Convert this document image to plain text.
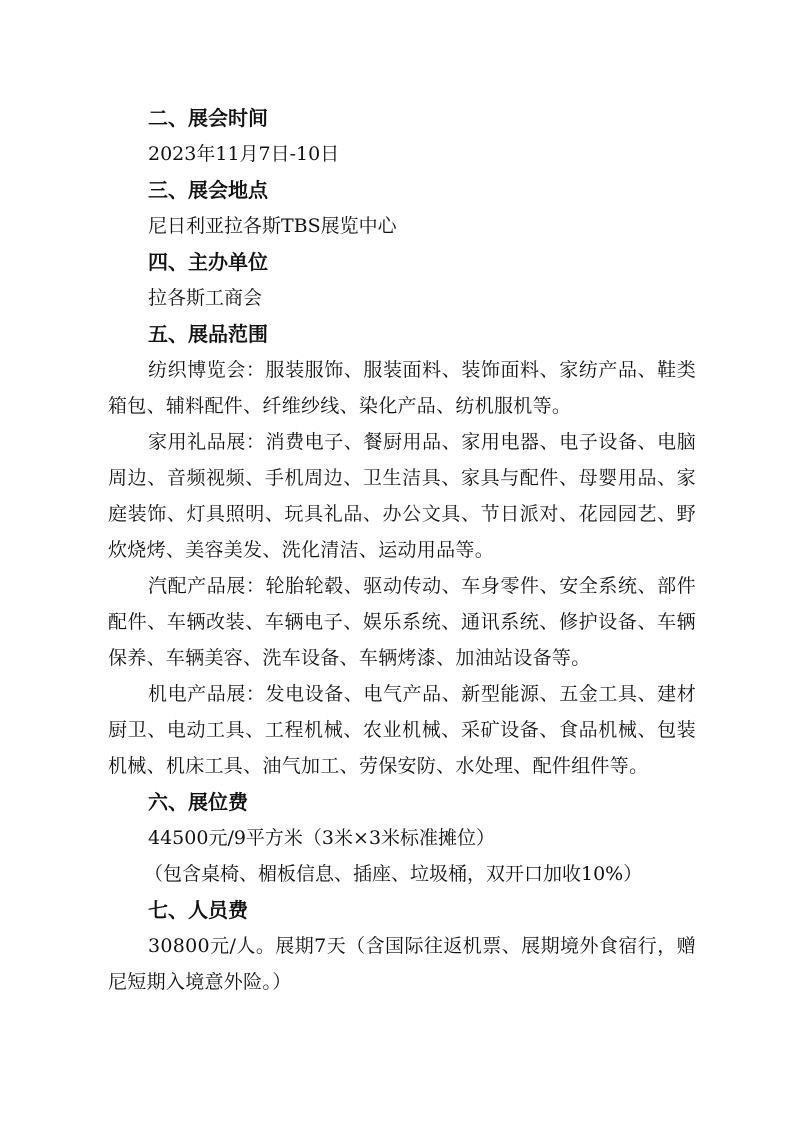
二、展会时间
2023年11月7日-10日
三、展会地点
尼日利亚拉各斯TBS展览中心
四、主办单位
拉各斯工商会
五、展品范围
纺织博览会：服装服饰、服装面料、装饰面料、家纺产品、鞋类箱包、辅料配件、纤维纱线、染化产品、纺机服机等。
家用礼品展：消费电子、餐厨用品、家用电器、电子设备、电脑周边、音频视频、手机周边、卫生洁具、家具与配件、母婴用品、家庭装饰、灯具照明、玩具礼品、办公文具、节日派对、花园园艺、野炊烧烤、美容美发、洗化清洁、运动用品等。
汽配产品展：轮胎轮毂、驱动传动、车身零件、安全系统、部件配件、车辆改装、车辆电子、娱乐系统、通讯系统、修护设备、车辆保养、车辆美容、洗车设备、车辆烤漆、加油站设备等。
机电产品展：发电设备、电气产品、新型能源、五金工具、建材厨卫、电动工具、工程机械、农业机械、采矿设备、食品机械、包装机械、机床工具、油气加工、劳保安防、水处理、配件组件等。
六、展位费
44500元/9平方米（3米×3米标准摊位）
（包含桌椅、楣板信息、插座、垃圾桶，双开口加收10%）
七、人员费
30800元/人。展期7天（含国际往返机票、展期境外食宿行，赠尼短期入境意外险。）
